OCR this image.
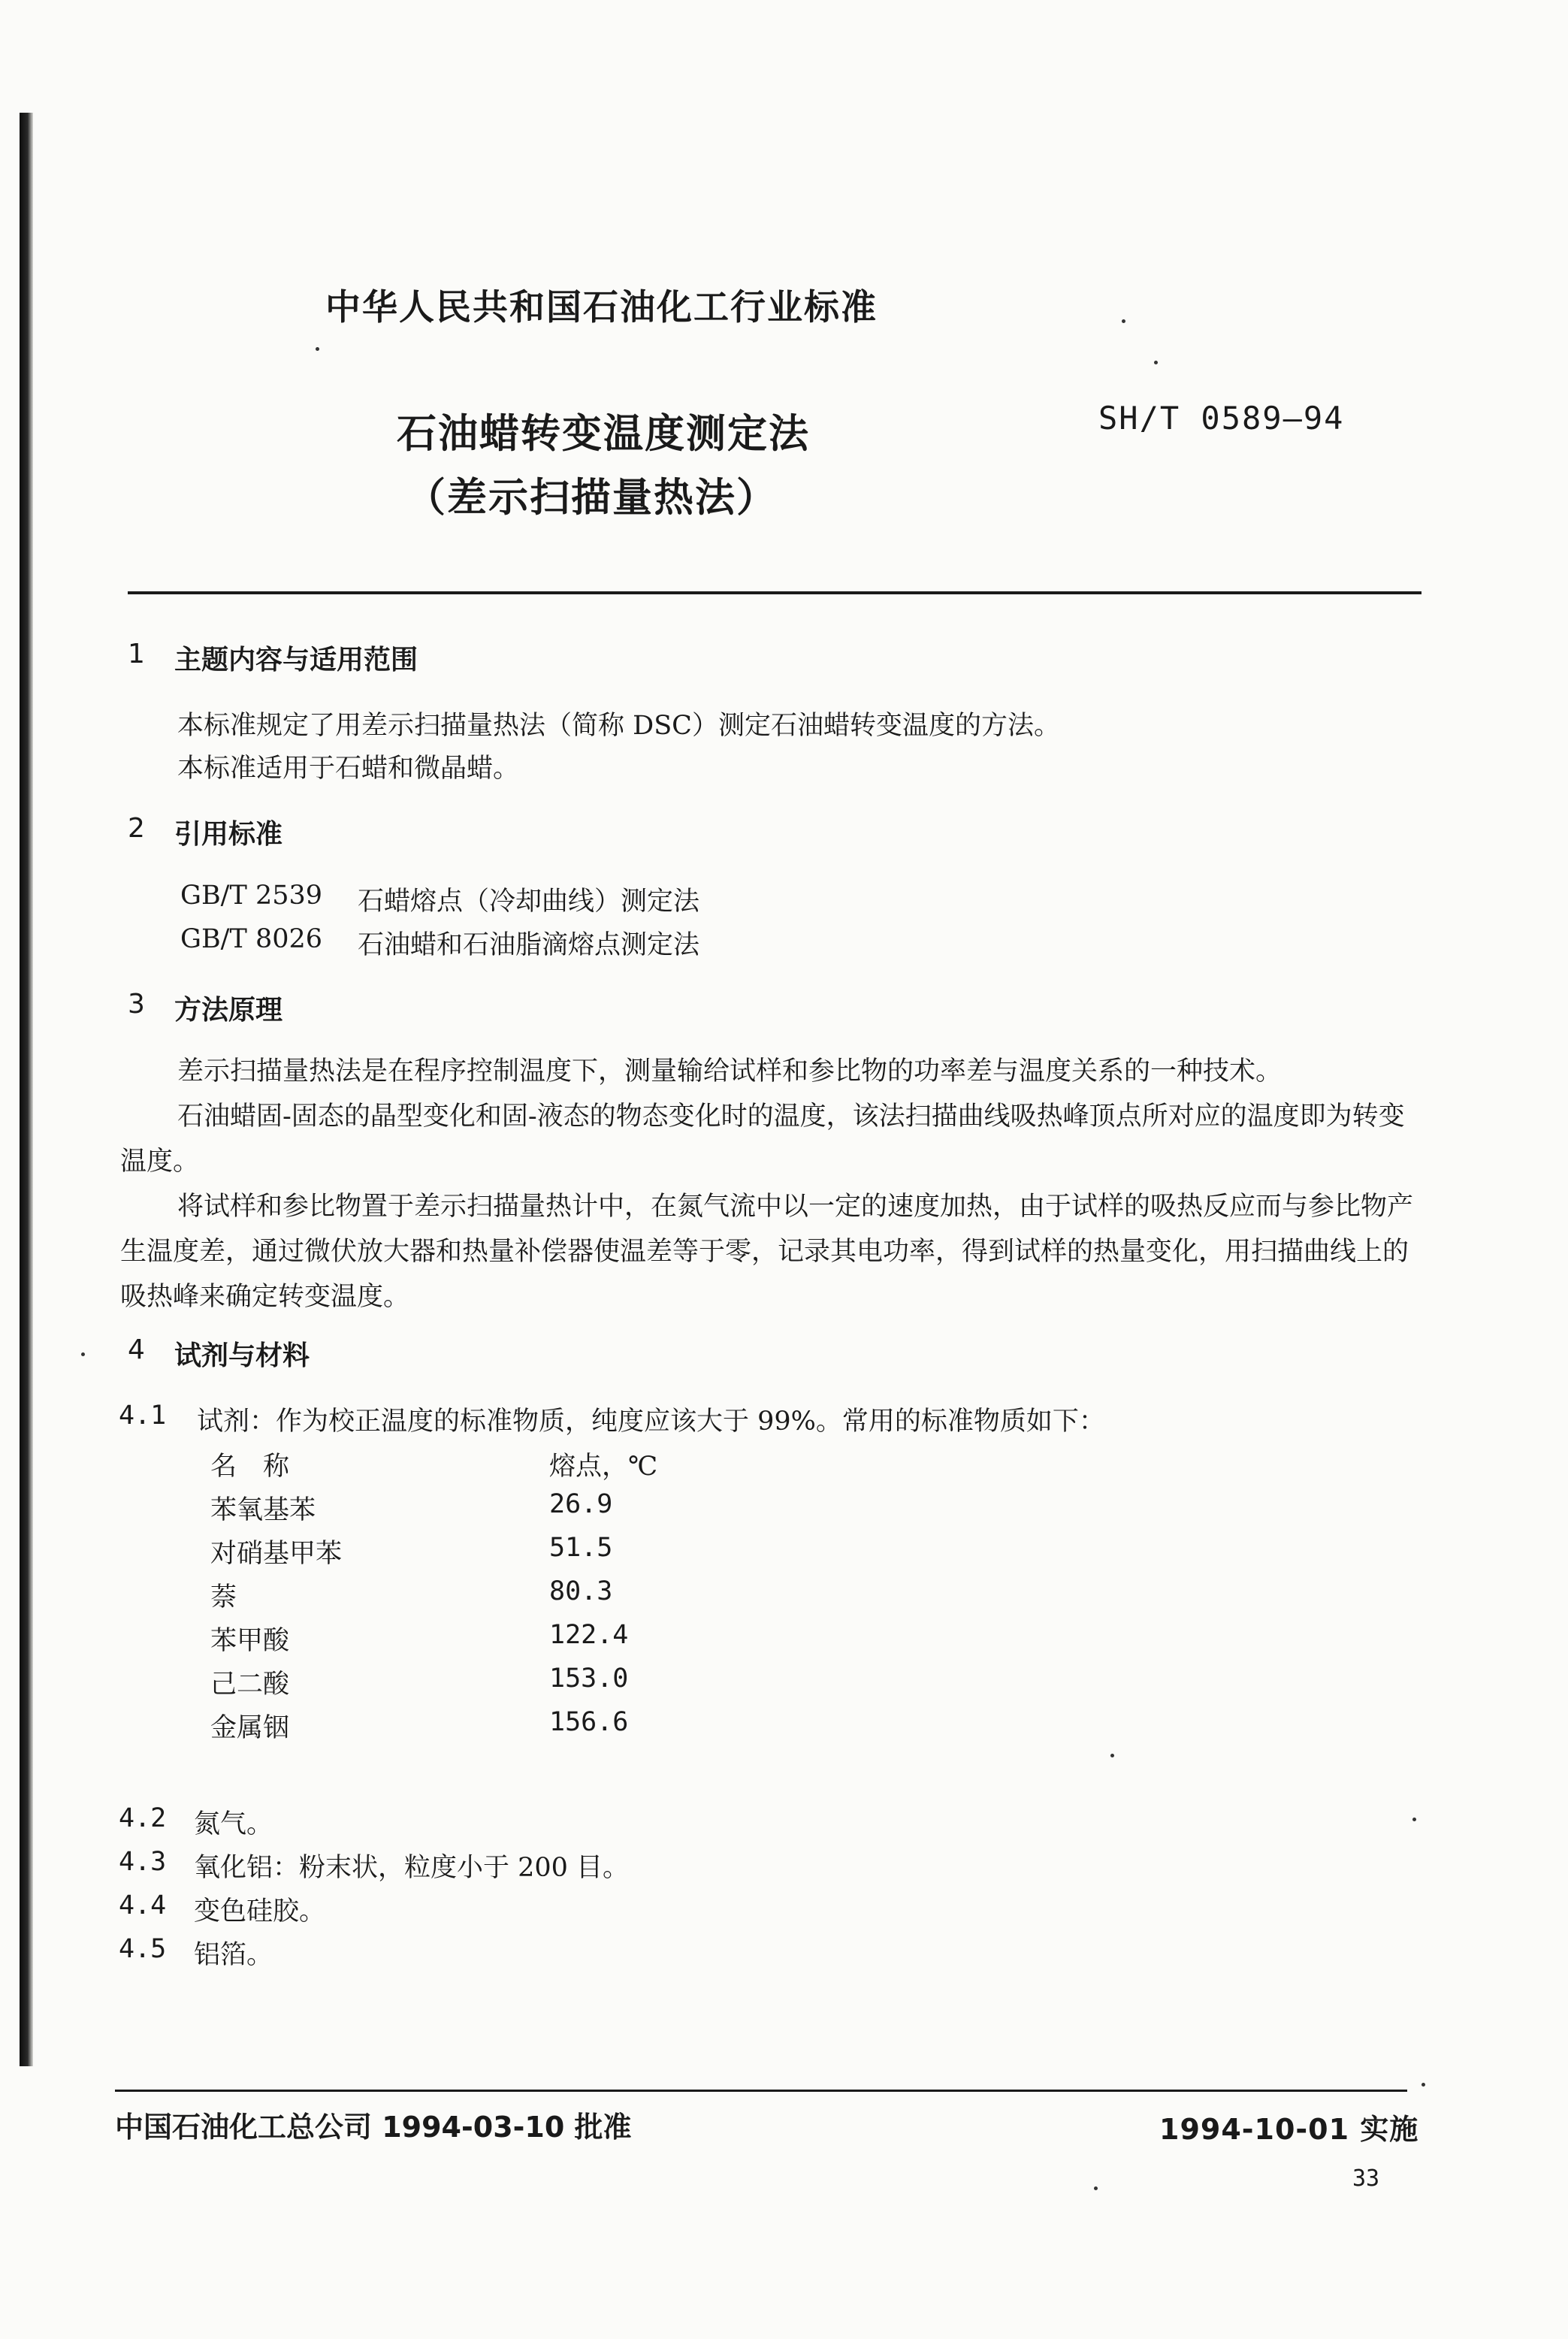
中华人民共和国石油化工行业标准
石油蜡转变温度测定法
（差示扫描量热法）
SH/T 0589—94
1 主题内容与适用范围
本标准规定了用差示扫描量热法（简称 DSC）测定石油蜡转变温度的方法。
本标准适用于石蜡和微晶蜡。
2 引用标准
GB/T 2539 石蜡熔点（冷却曲线）测定法
GB/T 8026 石油蜡和石油脂滴熔点测定法
3 方法原理
差示扫描量热法是在程序控制温度下，测量输给试样和参比物的功率差与温度关系的一种技术。
石油蜡固-固态的晶型变化和固-液态的物态变化时的温度，该法扫描曲线吸热峰顶点所对应的温度即为转变温度。
将试样和参比物置于差示扫描量热计中，在氮气流中以一定的速度加热，由于试样的吸热反应而与参比物产生温度差，通过微伏放大器和热量补偿器使温差等于零，记录其电功率，得到试样的热量变化，用扫描曲线上的吸热峰来确定转变温度。
4 试剂与材料
4.1 试剂：作为校正温度的标准物质，纯度应该大于 99%。常用的标准物质如下：
名　称	熔点，℃
苯氧基苯	26.9
对硝基甲苯	51.5
萘	80.3
苯甲酸	122.4
己二酸	153.0
金属铟	156.6
4.2 氮气。
4.3 氧化铝：粉末状，粒度小于 200 目。
4.4 变色硅胶。
4.5 铝箔。
中国石油化工总公司 1994-03-10 批准	1994-10-01 实施
33
